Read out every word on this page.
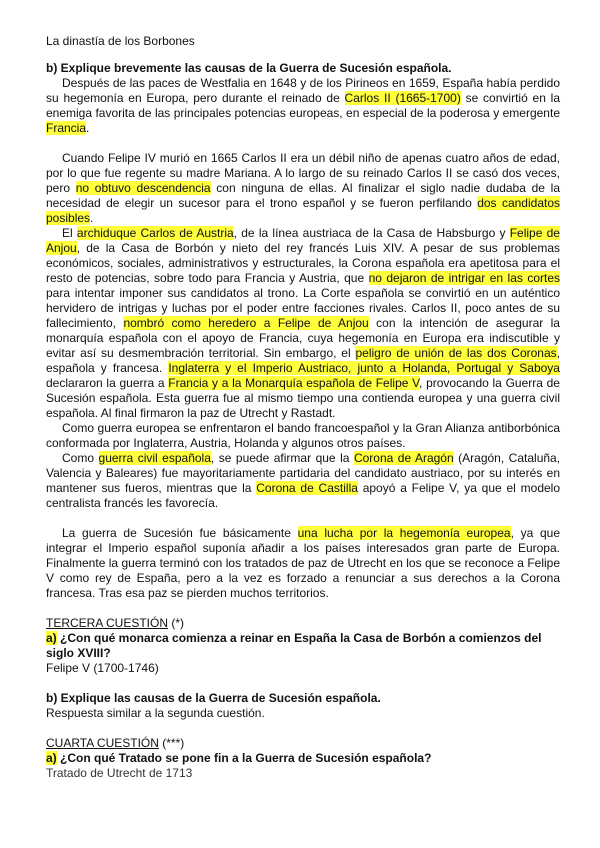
La dinastía de los Borbones

b) Explique brevemente las causas de la Guerra de Sucesión española.

Después de las paces de Westfalia en 1648 y de los Pirineos en 1659, España había perdido su hegemonía en Europa, pero durante el reinado de Carlos II (1665-1700) se convirtió en la enemiga favorita de las principales potencias europeas, en especial de la poderosa y emergente Francia.

Cuando Felipe IV murió en 1665 Carlos II era un débil niño de apenas cuatro años de edad, por lo que fue regente su madre Mariana. A lo largo de su reinado Carlos II se casó dos veces, pero no obtuvo descendencia con ninguna de ellas. Al finalizar el siglo nadie dudaba de la necesidad de elegir un sucesor para el trono español y se fueron perfilando dos candidatos posibles.

El archiduque Carlos de Austria, de la línea austriaca de la Casa de Habsburgo y Felipe de Anjou, de la Casa de Borbón y nieto del rey francés Luis XIV. A pesar de sus problemas económicos, sociales, administrativos y estructurales, la Corona española era apetitosa para el resto de potencias, sobre todo para Francia y Austria, que no dejaron de intrigar en las cortes para intentar imponer sus candidatos al trono. La Corte española se convirtió en un auténtico hervidero de intrigas y luchas por el poder entre facciones rivales. Carlos II, poco antes de su fallecimiento, nombró como heredero a Felipe de Anjou con la intención de asegurar la monarquía española con el apoyo de Francia, cuya hegemonía en Europa era indiscutible y evitar así su desmembración territorial. Sin embargo, el peligro de unión de las dos Coronas, española y francesa. Inglaterra y el Imperio Austriaco, junto a Holanda, Portugal y Saboya declararon la guerra a Francia y a la Monarquía española de Felipe V, provocando la Guerra de Sucesión española. Esta guerra fue al mismo tiempo una contienda europea y una guerra civil española. Al final firmaron la paz de Utrecht y Rastadt.

Como guerra europea se enfrentaron el bando francoespañol y la Gran Alianza antiborbónica conformada por Inglaterra, Austria, Holanda y algunos otros países.

Como guerra civil española, se puede afirmar que la Corona de Aragón (Aragón, Cataluña, Valencia y Baleares) fue mayoritariamente partidaria del candidato austriaco, por su interés en mantener sus fueros, mientras que la Corona de Castilla apoyó a Felipe V, ya que el modelo centralista francés les favorecía.

La guerra de Sucesión fue básicamente una lucha por la hegemonía europea, ya que integrar el Imperio español suponía añadir a los países interesados gran parte de Europa. Finalmente la guerra terminó con los tratados de paz de Utrecht en los que se reconoce a Felipe V como rey de España, pero a la vez es forzado a renunciar a sus derechos a la Corona francesa. Tras esa paz se pierden muchos territorios.

TERCERA CUESTIÓN (*)

a) ¿Con qué monarca comienza a reinar en España la Casa de Borbón a comienzos del siglo XVIII?

Felipe V (1700-1746)

b) Explique las causas de la Guerra de Sucesión española.

Respuesta similar a la segunda cuestión.

CUARTA CUESTIÓN (***)

a) ¿Con qué Tratado se pone fin a la Guerra de Sucesión española?

Tratado de Utrecht de 1713
